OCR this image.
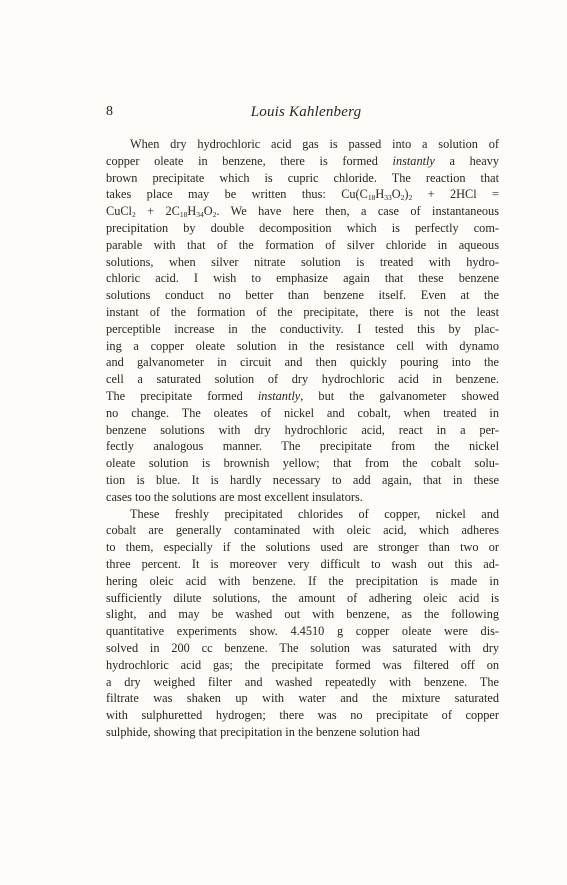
8	Louis Kahlenberg
When dry hydrochloric acid gas is passed into a solution of
copper oleate in benzene, there is formed instantly a heavy
brown precipitate which is cupric chloride. The reaction that
takes place may be written thus: $Cu(C_{18}H_{33}O_2)_2 + 2HCl$ =
CuCl$_2$ + $2C_{18}H_{34}O_2$. We have here then, a case of instantaneous
precipitation by double decomposition which is perfectly com-
parable with that of the formation of silver chloride in aqueous
solutions, when silver nitrate solution is treated with hydro-
chloric acid. I wish to emphasize again that these benzene
solutions conduct no better than benzene itself. Even at the
instant of the formation of the precipitate, there is not the least
perceptible increase in the conductivity. I tested this by plac-
ing a copper oleate solution in the resistance cell with dynamo
and galvanometer in circuit and then quickly pouring into the
cell a saturated solution of dry hydrochloric acid in benzene.
The precipitate formed instantly, but the galvanometer showed
no change. The oleates of nickel and cobalt, when treated in
benzene solutions with dry hydrochloric acid, react in a per-
fectly analogous manner. The precipitate from the nickel
oleate solution is brownish yellow; that from the cobalt solu-
tion is blue. It is hardly necessary to add again, that in these
cases too the solutions are most excellent insulators.
These freshly precipitated chlorides of copper, nickel and
cobalt are generally contaminated with oleic acid, which adheres
to them, especially if the solutions used are stronger than two or
three percent. It is moreover very difficult to wash out this ad-
hering oleic acid with benzene. If the precipitation is made in
sufficiently dilute solutions, the amount of adhering oleic acid is
slight, and may be washed out with benzene, as the following
quantitative experiments show. 4.4510 g copper oleate were dis-
solved in 200 cc benzene. The solution was saturated with dry
hydrochloric acid gas; the precipitate formed was filtered off on
a dry weighed filter and washed repeatedly with benzene. The
filtrate was shaken up with water and the mixture saturated
with sulphuretted hydrogen; there was no precipitate of copper
sulphide, showing that precipitation in the benzene solution had
